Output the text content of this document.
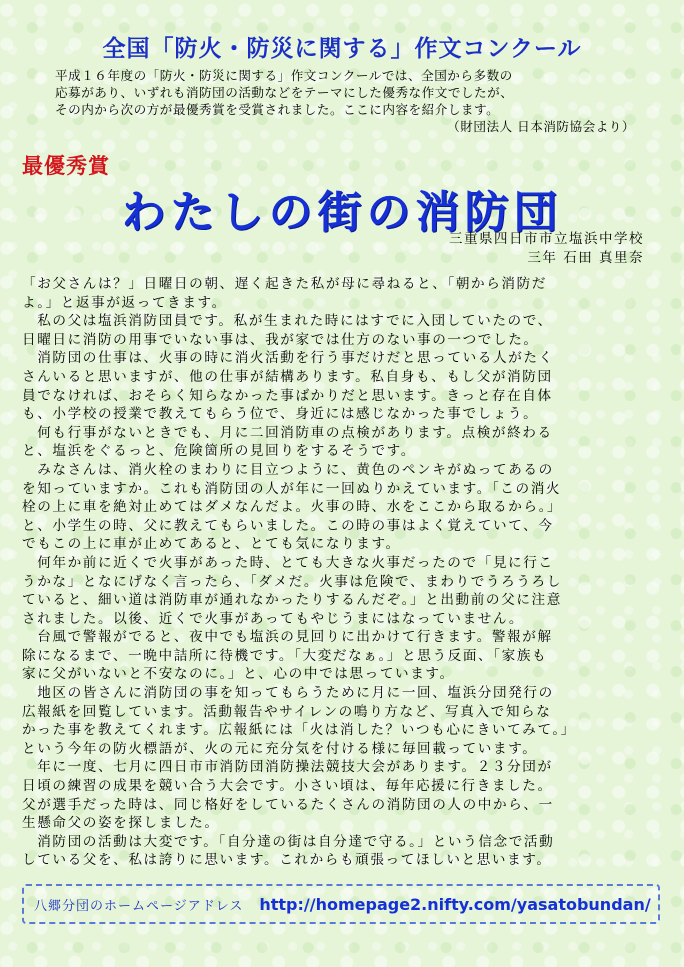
全国「防火・防災に関する」作文コンクール

平成１６年度の「防火・防災に関する」作文コンクールでは、全国から多数の

応募があり、いずれも消防団の活動などをテーマにした優秀な作文でしたが、

その内から次の方が最優秀賞を受賞されました。ここに内容を紹介します。

（財団法人 日本消防協会より）

最優秀賞
わたしの街の消防団
三重県四日市市立塩浜中学校
三年 石田 真里奈
「お父さんは？」日曜日の朝、遅く起きた私が母に尋ねると、「朝から消防だ
よ。」と返事が返ってきます。
　私の父は塩浜消防団員です。私が生まれた時にはすでに入団していたので、
日曜日に消防の用事でいない事は、我が家では仕方のない事の一つでした。
　消防団の仕事は、火事の時に消火活動を行う事だけだと思っている人がたく
さんいると思いますが、他の仕事が結構あります。私自身も、もし父が消防団
員でなければ、おそらく知らなかった事ばかりだと思います。きっと存在自体
も、小学校の授業で教えてもらう位で、身近には感じなかった事でしょう。
　何も行事がないときでも、月に二回消防車の点検があります。点検が終わる
と、塩浜をぐるっと、危険箇所の見回りをするそうです。
　みなさんは、消火栓のまわりに目立つように、黄色のペンキがぬってあるの
を知っていますか。これも消防団の人が年に一回ぬりかえています。「この消火
栓の上に車を絶対止めてはダメなんだよ。火事の時、水をここから取るから。」
と、小学生の時、父に教えてもらいました。この時の事はよく覚えていて、今
でもこの上に車が止めてあると、とても気になります。
　何年か前に近くで火事があった時、とても大きな火事だったので「見に行こ
うかな」となにげなく言ったら、「ダメだ。火事は危険で、まわりでうろうろし
ていると、細い道は消防車が通れなかったりするんだぞ。」と出動前の父に注意
されました。以後、近くで火事があってもやじうまにはなっていません。
　台風で警報がでると、夜中でも塩浜の見回りに出かけて行きます。警報が解
除になるまで、一晩中詰所に待機です。「大変だなぁ。」と思う反面、「家族も
家に父がいないと不安なのに。」と、心の中では思っています。
　地区の皆さんに消防団の事を知ってもらうために月に一回、塩浜分団発行の
広報紙を回覧しています。活動報告やサイレンの鳴り方など、写真入で知らな
かった事を教えてくれます。広報紙には「火は消した？いつも心にきいてみて。」
という今年の防火標語が、火の元に充分気を付ける様に毎回載っています。
　年に一度、七月に四日市市消防団消防操法競技大会があります。２３分団が
日頃の練習の成果を競い合う大会です。小さい頃は、毎年応援に行きました。
父が選手だった時は、同じ格好をしているたくさんの消防団の人の中から、一
生懸命父の姿を探しました。
　消防団の活動は大変です。「自分達の街は自分達で守る。」という信念で活動
している父を、私は誇りに思います。これからも頑張ってほしいと思います。
八郷分団のホームページアドレス http://homepage2.nifty.com/yasatobundan/
